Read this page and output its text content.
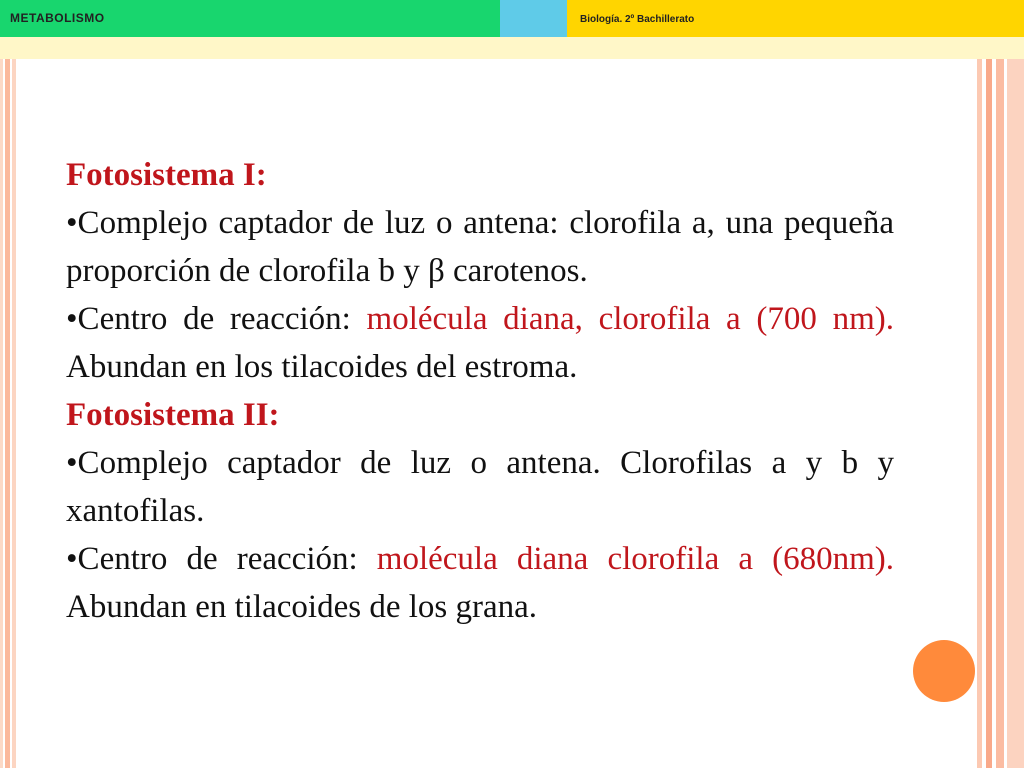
METABOLISMO	Biología. 2º Bachillerato

Fotosistema I:

•Complejo captador de luz o antena: clorofila a, una pequeña proporción de clorofila b y β carotenos.

•Centro de reacción: molécula diana, clorofila a (700 nm). Abundan en los tilacoides del estroma.

Fotosistema II:

•Complejo captador de luz o antena. Clorofilas a y b y xantofilas.

•Centro de reacción: molécula diana clorofila a (680nm). Abundan en tilacoides de los grana.
